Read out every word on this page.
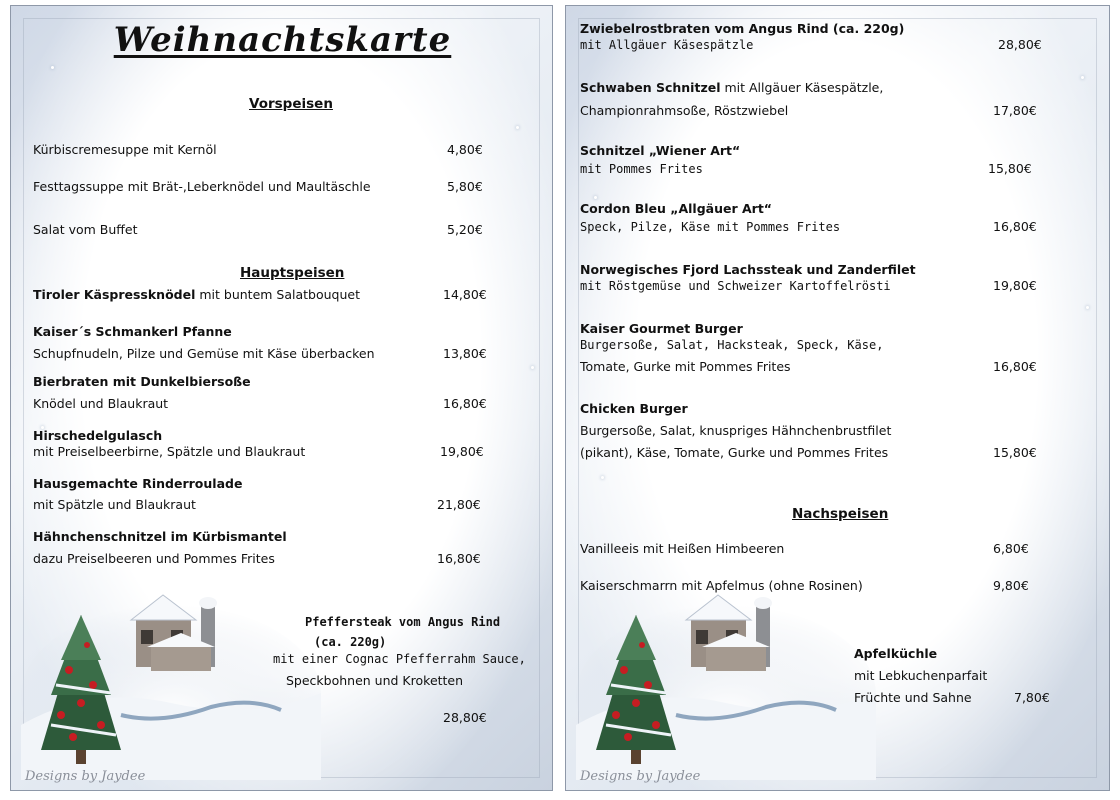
Weihnachtskarte
Vorspeisen
Kürbiscremesuppe mit Kernöl	4,80€
Festtagssuppe mit Brät-,Leberknödel und Maultäschle	5,80€
Salat vom Buffet	5,20€
Hauptspeisen
Tiroler Käspressknödel mit buntem Salatbouquet	14,80€
Kaiser´s Schmankerl Pfanne
Schupfnudeln, Pilze und Gemüse mit Käse überbacken	13,80€
Bierbraten mit Dunkelbiersoße
Knödel und Blaukraut	16,80€
Hirschedelgulasch
mit Preiselbeerbirne, Spätzle und Blaukraut	19,80€
Hausgemachte Rinderroulade
mit Spätzle und Blaukraut	21,80€
Hähnchenschnitzel im Kürbismantel
dazu Preiselbeeren und Pommes Frites	16,80€
Pfeffersteak vom Angus Rind
(ca. 220g)
mit einer Cognac Pfefferrahm Sauce,
Speckbohnen und Kroketten
28,80€
Designs by Jaydee
Zwiebelrostbraten vom Angus Rind (ca. 220g)
mit Allgäuer Käsespätzle	28,80€
Schwaben Schnitzel mit Allgäuer Käsespätzle,
Championrahmsoße, Röstzwiebel	17,80€
Schnitzel „Wiener Art“
mit Pommes Frites	15,80€
Cordon Bleu „Allgäuer Art“
Speck, Pilze, Käse mit Pommes Frites	16,80€
Norwegisches Fjord Lachssteak und Zanderfilet
mit Röstgemüse und Schweizer Kartoffelrösti	19,80€
Kaiser Gourmet Burger
Burgersoße, Salat, Hacksteak, Speck, Käse,
Tomate, Gurke mit Pommes Frites	16,80€
Chicken Burger
Burgersoße, Salat, knuspriges Hähnchenbrustfilet
(pikant), Käse, Tomate, Gurke und Pommes Frites	15,80€
Nachspeisen
Vanilleeis mit Heißen Himbeeren	6,80€
Kaiserschmarrn mit Apfelmus (ohne Rosinen)	9,80€
Apfelküchle
mit Lebkuchenparfait
Früchte und Sahne	7,80€
Designs by Jaydee
